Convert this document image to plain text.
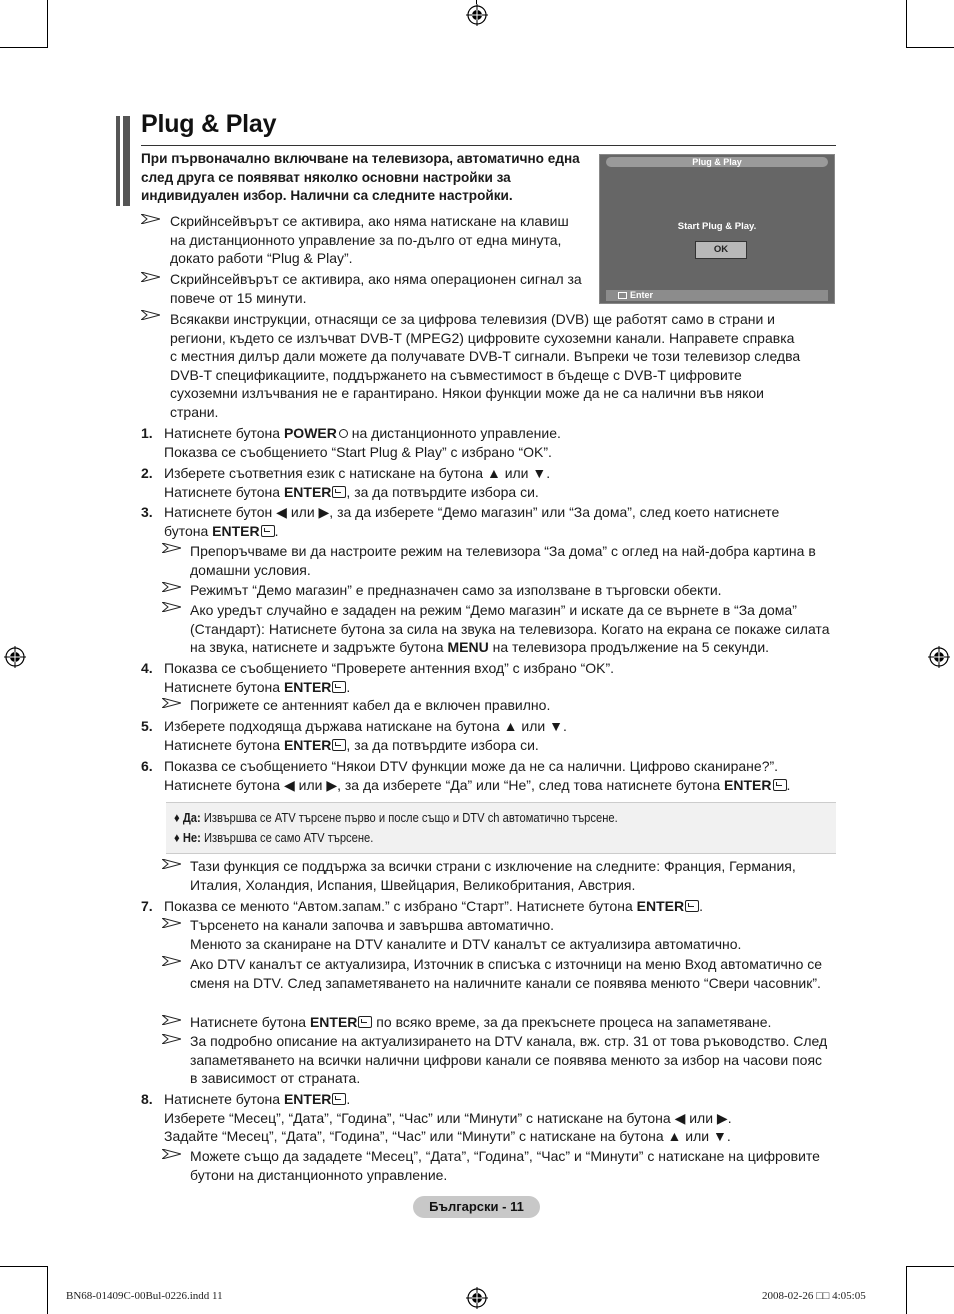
Plug & Play
При първоначално включване на телевизора, автоматично една след друга се появяват няколко основни настройки за индивидуален избор. Налични са следните настройки.
Plug & Play
Start Plug & Play.
OK
Enter
Скрийнсейвърът се активира, ако няма натискане на клавиш на дистанционното управление за по-дълго от една минута, докато работи “Plug & Play”.
Скрийнсейвърът се активира, ако няма операционен сигнал за повече от 15 минути.
Всякакви инструкции, отнасящи се за цифрова телевизия (DVB) ще работят само в страни и региони, където се излъчват DVB-T (MPEG2) цифровите сухоземни канали. Направете справка с местния дилър дали можете да получавате DVB-T сигнали. Въпреки че този телевизор следва DVB-T спецификациите, поддържането на съвместимост в бъдеще с DVB-T цифровите сухоземни излъчвания не е гарантирано. Някои функции може да не са налични във някои страни.
1. Натиснете бутона POWER на дистанционното управление.
Показва се съобщението “Start Plug & Play” с избрано “OK”.
2. Изберете съответния език с натискане на бутона ▲ или ▼.
Натиснете бутона ENTER , за да потвърдите избора си.
3. Натиснете бутон ◀ или ▶, за да изберете “Демо магазин” или “За дома”, след което натиснете
бутона ENTER .
Препоръчваме ви да настроите режим на телевизора “За дома” с оглед на най-добра картина в домашни условия.
Режимът “Демо магазин” е предназначен само за използване в търговски обекти.
Ако уредът случайно е зададен на режим “Демо магазин” и искате да се върнете в “За дома” (Стандарт): Натиснете бутона за сила на звука на телевизора. Когато на екрана се покаже силата на звука, натиснете и задръжте бутона MENU на телевизора продължение на 5 секунди.
4. Показва се съобщението “Проверете антенния вход” с избрано “OK”.
Натиснете бутона ENTER .
Погрижете се антенният кабел да е включен правилно.
5. Изберете подходяща държава натискане на бутона ▲ или ▼.
Натиснете бутона ENTER , за да потвърдите избора си.
6. Показва се съобщението “Някои DTV функции може да не са налични. Цифрово сканиране?”.
Натиснете бутона ◀ или ▶, за да изберете “Да” или “Не”, след това натиснете бутона ENTER .
♦ Да: Извършва се ATV търсене първо и после също и DTV ch автоматично търсене.
♦ Не: Извършва се само ATV търсене.
Тази функция се поддържа за всички страни с изключение на следните: Франция, Германия, Италия, Холандия, Испания, Швейцария, Великобритания, Австрия.
7. Показва се менюто “Автом.запам.” с избрано “Старт”. Натиснете бутона ENTER .
Търсенето на канали започва и завършва автоматично.
Менюто за сканиране на DTV каналите и DTV каналът се актуализира автоматично.
Ако DTV каналът се актуализира, Източник в списъка с източници на меню Вход автоматично се сменя на DTV. След запаметяването на наличните канали се появява менюто “Свери часовник”.
Натиснете бутона ENTER по всяко време, за да прекъснете процеса на запаметяване.
За подробно описание на актуализирането на DTV канала, вж. стр. 31 от това ръководство. След запаметяването на всички налични цифрови канали се появява менюто за избор на часови пояс в зависимост от страната.
8. Натиснете бутона ENTER .
Изберете “Месец”, “Дата”, “Година”, “Час” или “Минути” с натискане на бутона ◀ или ▶.
Задайте “Месец”, “Дата”, “Година”, “Час” или “Минути” с натискане на бутона ▲ или ▼.
Можете също да зададете “Месец”, “Дата”, “Година”, “Час” и “Минути” с натискане на цифровите бутони на дистанционното управление.
Български - 11
BN68-01409C-00Bul-0226.indd 11	2008-02-26 □□ 4:05:05
